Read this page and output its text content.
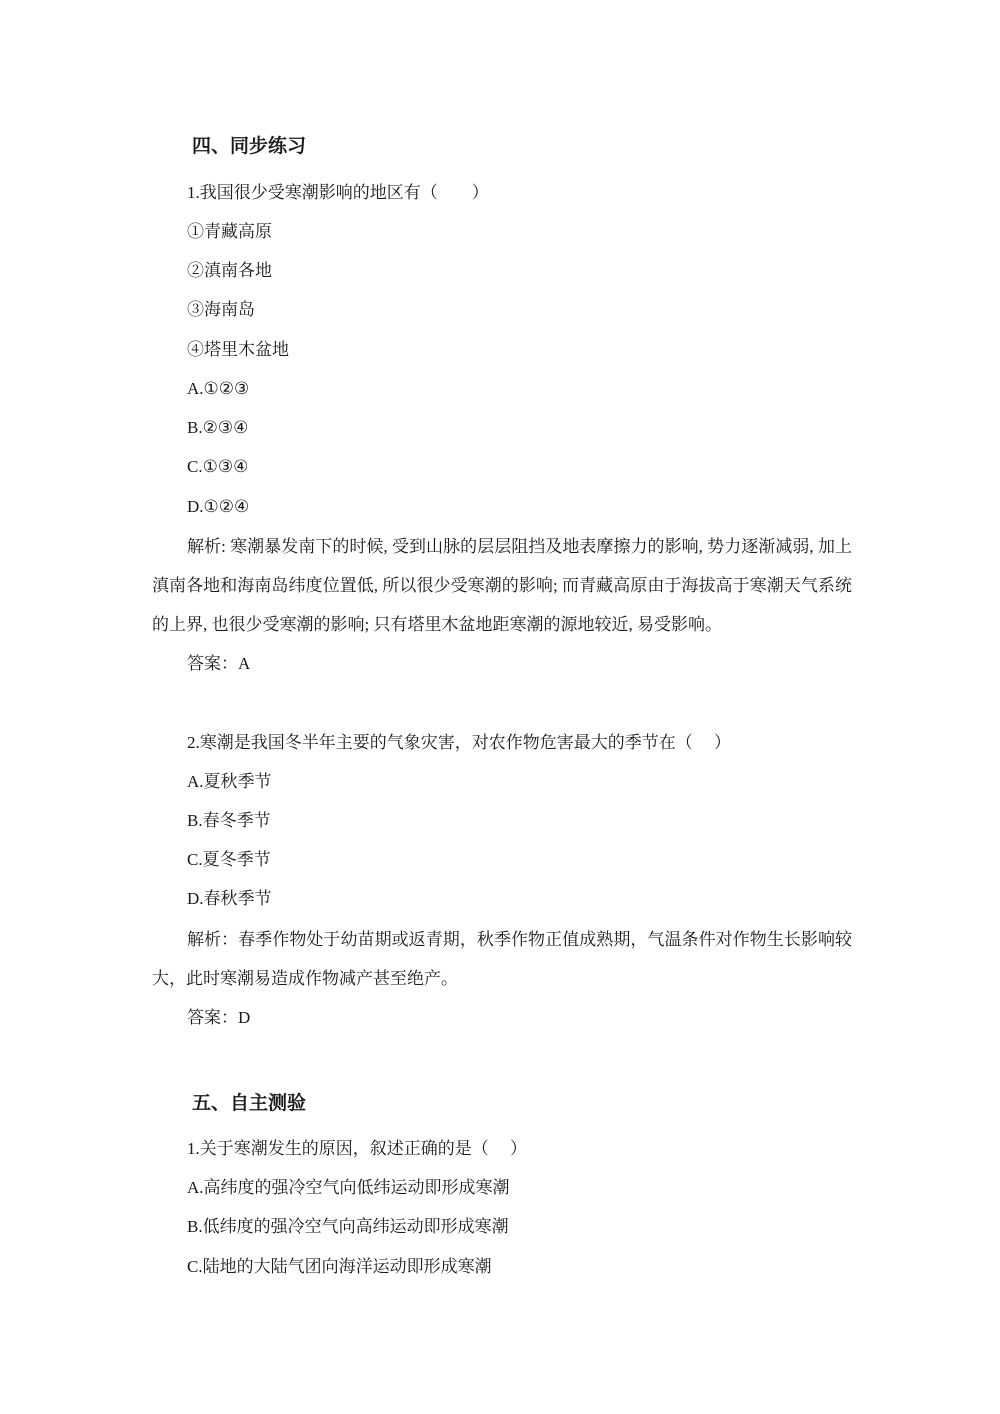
四、同步练习
1.我国很少受寒潮影响的地区有（　　）
①青藏高原
②滇南各地
③海南岛
④塔里木盆地
A.①②③
B.②③④
C.①③④
D.①②④
解析: 寒潮暴发南下的时候, 受到山脉的层层阻挡及地表摩擦力的影响, 势力逐渐减弱, 加上滇南各地和海南岛纬度位置低, 所以很少受寒潮的影响; 而青藏高原由于海拔高于寒潮天气系统的上界, 也很少受寒潮的影响; 只有塔里木盆地距寒潮的源地较近, 易受影响。
答案：A
2.寒潮是我国冬半年主要的气象灾害，对农作物危害最大的季节在（　 ）
A.夏秋季节
B.春冬季节
C.夏冬季节
D.春秋季节
解析：春季作物处于幼苗期或返青期，秋季作物正值成熟期，气温条件对作物生长影响较大，此时寒潮易造成作物减产甚至绝产。
答案：D
五、自主测验
1.关于寒潮发生的原因，叙述正确的是（　 ）
A.高纬度的强冷空气向低纬运动即形成寒潮
B.低纬度的强冷空气向高纬运动即形成寒潮
C.陆地的大陆气团向海洋运动即形成寒潮
